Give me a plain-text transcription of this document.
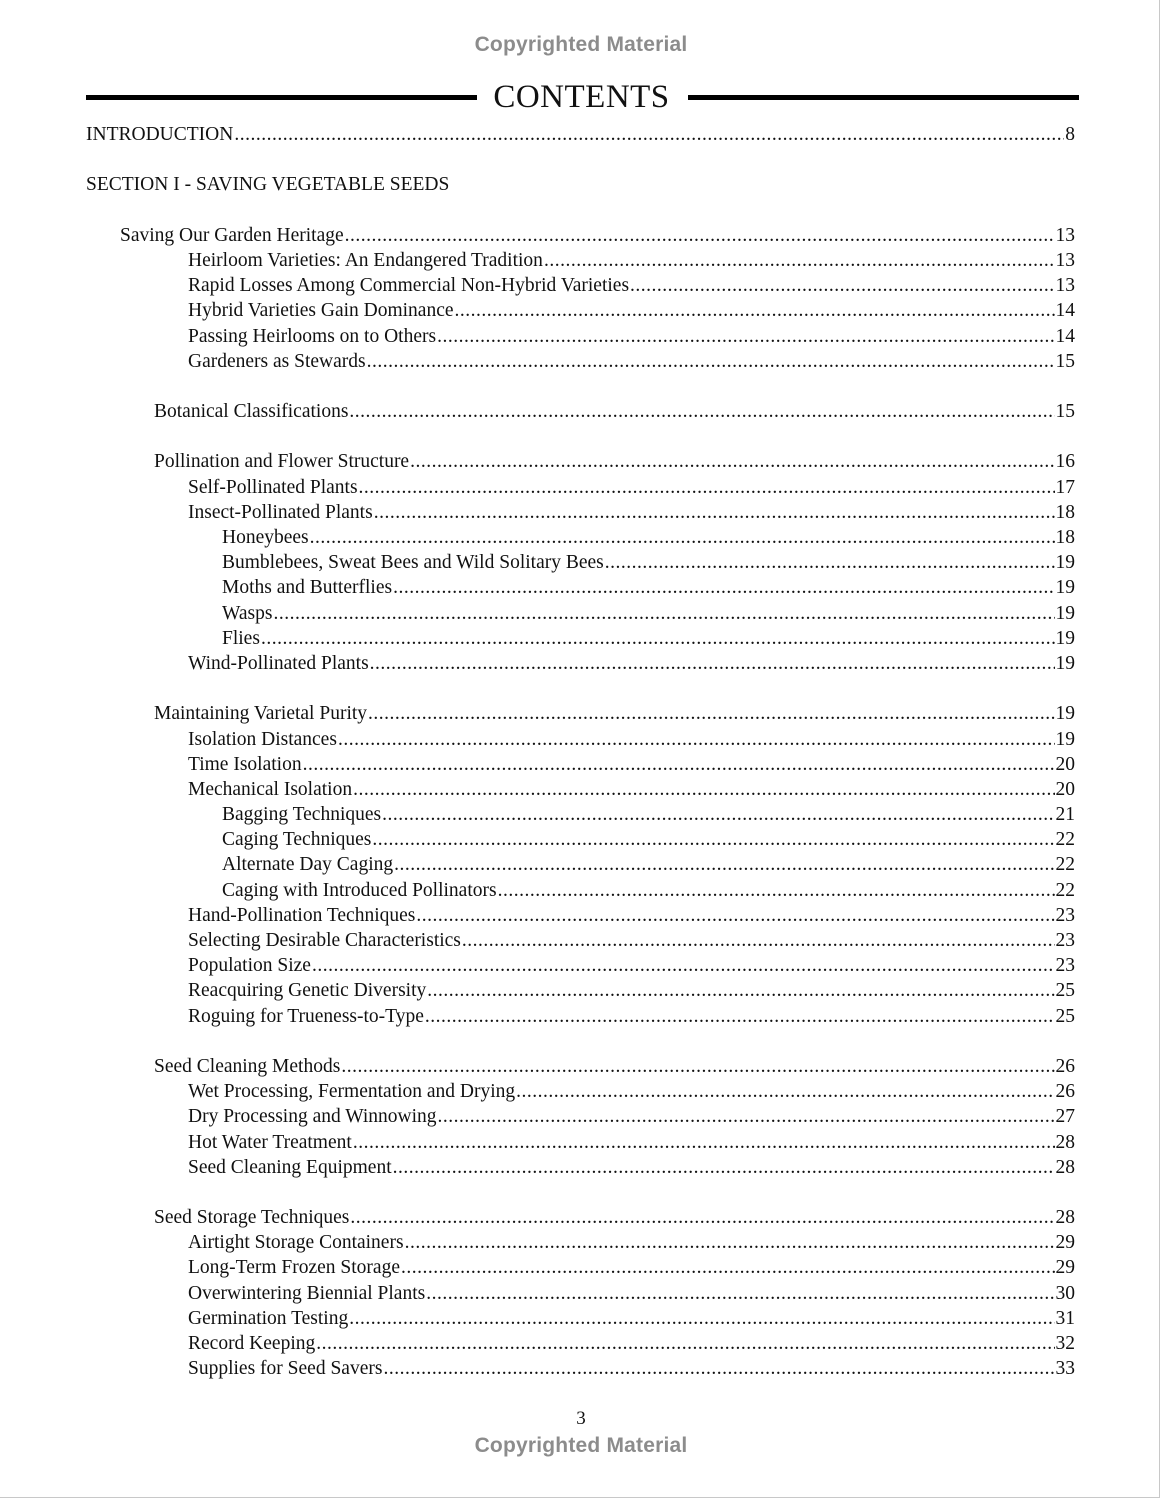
Copyrighted Material
CONTENTS
INTRODUCTION .....	8
SECTION I - SAVING VEGETABLE SEEDS
Saving Our Garden Heritage .....	13
Heirloom Varieties: An Endangered Tradition .....	13
Rapid Losses Among Commercial Non-Hybrid Varieties .....	13
Hybrid Varieties Gain Dominance .....	14
Passing Heirlooms on to Others .....	14
Gardeners as Stewards .....	15
Botanical Classifications .....	15
Pollination and Flower Structure .....	16
Self-Pollinated Plants .....	17
Insect-Pollinated Plants .....	18
Honeybees .....	18
Bumblebees, Sweat Bees and Wild Solitary Bees .....	19
Moths and Butterflies .....	19
Wasps .....	19
Flies .....	19
Wind-Pollinated Plants .....	19
Maintaining Varietal Purity .....	19
Isolation Distances .....	19
Time Isolation .....	20
Mechanical Isolation .....	20
Bagging Techniques .....	21
Caging Techniques .....	22
Alternate Day Caging .....	22
Caging with Introduced Pollinators .....	22
Hand-Pollination Techniques .....	23
Selecting Desirable Characteristics .....	23
Population Size .....	23
Reacquiring Genetic Diversity .....	25
Roguing for Trueness-to-Type .....	25
Seed Cleaning Methods .....	26
Wet Processing, Fermentation and Drying .....	26
Dry Processing and Winnowing .....	27
Hot Water Treatment .....	28
Seed Cleaning Equipment .....	28
Seed Storage Techniques .....	28
Airtight Storage Containers .....	29
Long-Term Frozen Storage .....	29
Overwintering Biennial Plants .....	30
Germination Testing .....	31
Record Keeping .....	32
Supplies for Seed Savers .....	33
3
Copyrighted Material
